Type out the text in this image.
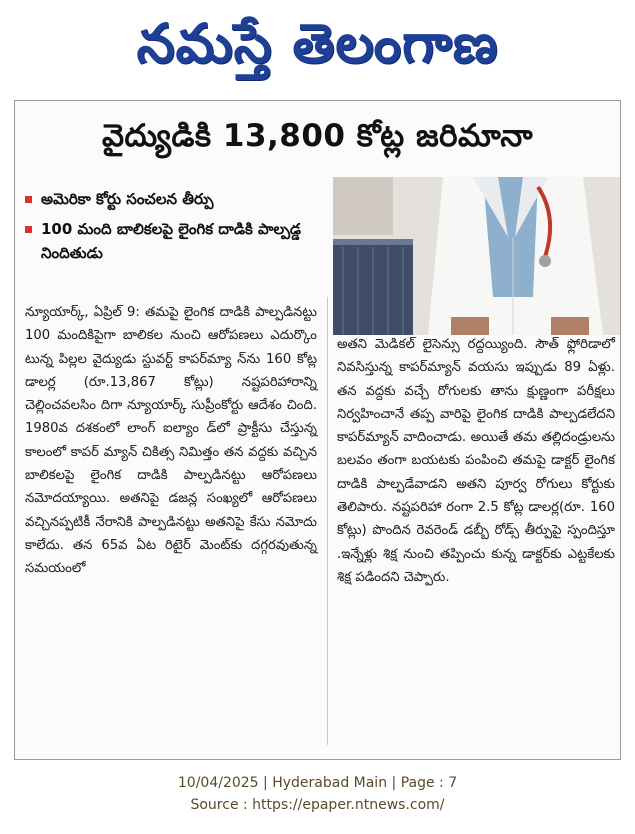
నమస్తే తెలంగాణ
వైద్యుడికి 13,800 కోట్ల జరిమానా
అమెరికా కోర్టు సంచలన తీర్పు
100 మంది బాలికలపై లైంగిక దాడికి పాల్పడ్డ నిందితుడు

న్యూయార్క్, ఏప్రిల్ 9: తమపై లైంగిక దాడికి పాల్పడినట్టు 100 మందికిపైగా బాలికల నుంచి ఆరోపణలు ఎదుర్కొం టున్న పిల్లల వైద్యుడు స్టువర్ట్ కాపర్‌మ్యా న్‌ను 160 కోట్ల డాలర్ల (రూ.13,867 కోట్లు) నష్టపరిహారాన్ని చెల్లించవలసిం దిగా న్యూయార్క్ సుప్రీంకోర్టు ఆదేశం చింది. 1980వ దశకంలో లాంగ్ ఐల్యాం డ్‌లో ప్రాక్టీసు చేస్తున్న కాలంలో కాపర్ మ్యాన్ చికిత్స నిమిత్తం తన వద్దకు వచ్చిన బాలికలపై లైంగిక దాడికి పాల్పడినట్టు ఆరోపణలు నమోదయ్యాయి. అతనిపై డజన్ల సంఖ్యలో ఆరోపణలు వచ్చినప్పటికీ నేరానికి పాల్పడినట్టు అతనిపై కేసు నమోదు కాలేదు. తన 65వ ఏట రిటైర్ మెంట్‌కు దగ్గరవుతున్న సమయంలో

అతని మెడికల్ లైసెన్సు రద్దయ్యింది. సౌత్ ఫ్లోరిడాలో నివసిస్తున్న కాపర్‌మ్యాన్ వయసు ఇప్పుడు 89 ఏళ్లు. తన వద్దకు వచ్చే రోగులకు తాను క్షుణ్ణంగా పరీక్షలు నిర్వహించానే తప్ప వారిపై లైంగిక దాడికి పాల్పడలేదని కాపర్‌మ్యాన్ వాదించాడు. అయితే తమ తల్లిదండ్రులను బలవం తంగా బయటకు పంపించి తమపై డాక్టర్ లైంగిక దాడికి పాల్పడేవాడని అతని పూర్వ రోగులు కోర్టుకు తెలిపారు. నష్టపరిహా రంగా 2.5 కోట్ల డాలర్ల(రూ. 160 కోట్లు) పొందిన రెవరెండ్ డబ్బీ రోడ్స్ తీర్పుపై స్పందిస్తూ .ఇన్నేళ్లు శిక్ష నుంచి తప్పించు కున్న డాక్టర్‌కు ఎట్టకేలకు శిక్ష పడిందని చెప్పారు.

10/04/2025 | Hyderabad Main | Page : 7
Source : https://epaper.ntnews.com/
